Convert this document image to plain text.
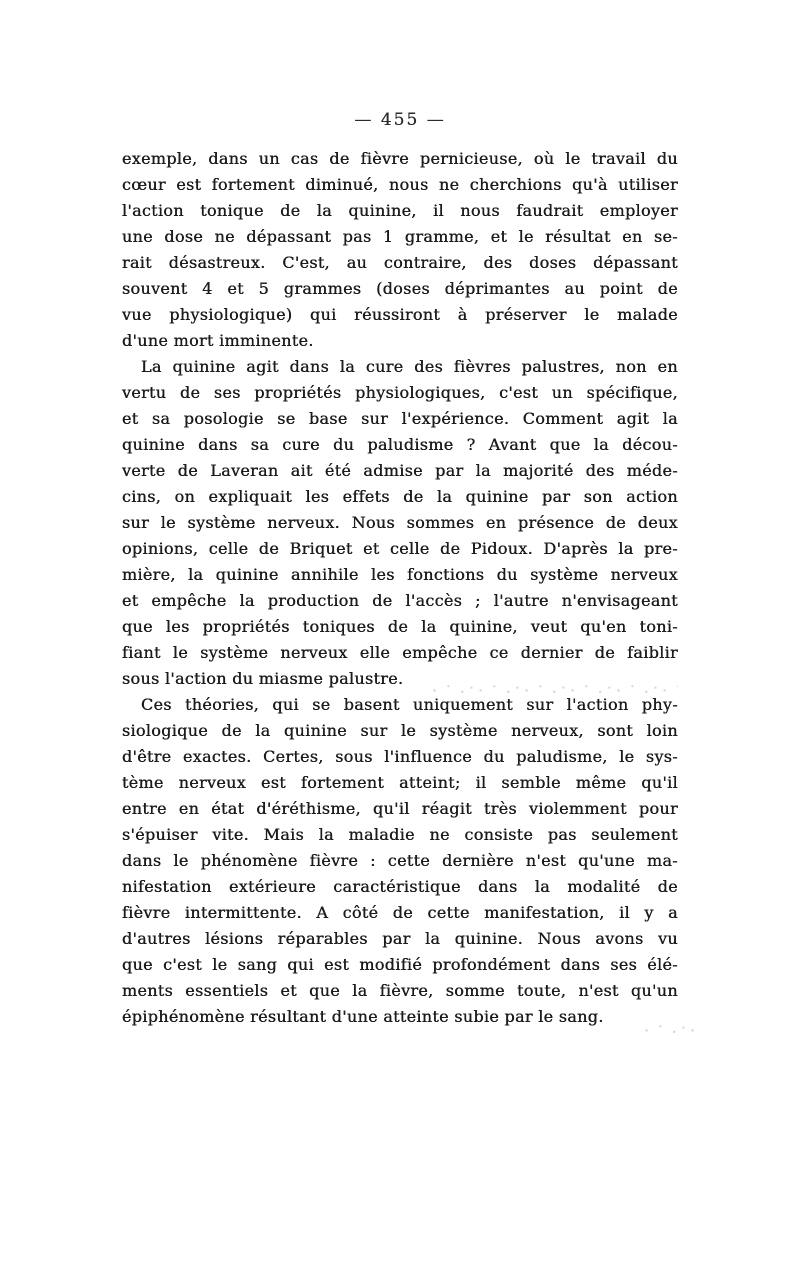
— 455 —
exemple, dans un cas de fièvre pernicieuse, où le travail du
cœur est fortement diminué, nous ne cherchions qu'à utiliser
l'action tonique de la quinine, il nous faudrait employer
une dose ne dépassant pas 1 gramme, et le résultat en se-
rait désastreux. C'est, au contraire, des doses dépassant
souvent 4 et 5 grammes (doses déprimantes au point de
vue physiologique) qui réussiront à préserver le malade
d'une mort imminente.
La quinine agit dans la cure des fièvres palustres, non en
vertu de ses propriétés physiologiques, c'est un spécifique,
et sa posologie se base sur l'expérience. Comment agit la
quinine dans sa cure du paludisme ? Avant que la décou-
verte de Laveran ait été admise par la majorité des méde-
cins, on expliquait les effets de la quinine par son action
sur le système nerveux. Nous sommes en présence de deux
opinions, celle de Briquet et celle de Pidoux. D'après la pre-
mière, la quinine annihile les fonctions du système nerveux
et empêche la production de l'accès ; l'autre n'envisageant
que les propriétés toniques de la quinine, veut qu'en toni-
fiant le système nerveux elle empêche ce dernier de faiblir
sous l'action du miasme palustre.
Ces théories, qui se basent uniquement sur l'action phy-
siologique de la quinine sur le système nerveux, sont loin
d'être exactes. Certes, sous l'influence du paludisme, le sys-
tème nerveux est fortement atteint; il semble même qu'il
entre en état d'éréthisme, qu'il réagit très violemment pour
s'épuiser vite. Mais la maladie ne consiste pas seulement
dans le phénomène fièvre : cette dernière n'est qu'une ma-
nifestation extérieure caractéristique dans la modalité de
fièvre intermittente. A côté de cette manifestation, il y a
d'autres lésions réparables par la quinine. Nous avons vu
que c'est le sang qui est modifié profondément dans ses élé-
ments essentiels et que la fièvre, somme toute, n'est qu'un
épiphénomène résultant d'une atteinte subie par le sang.
